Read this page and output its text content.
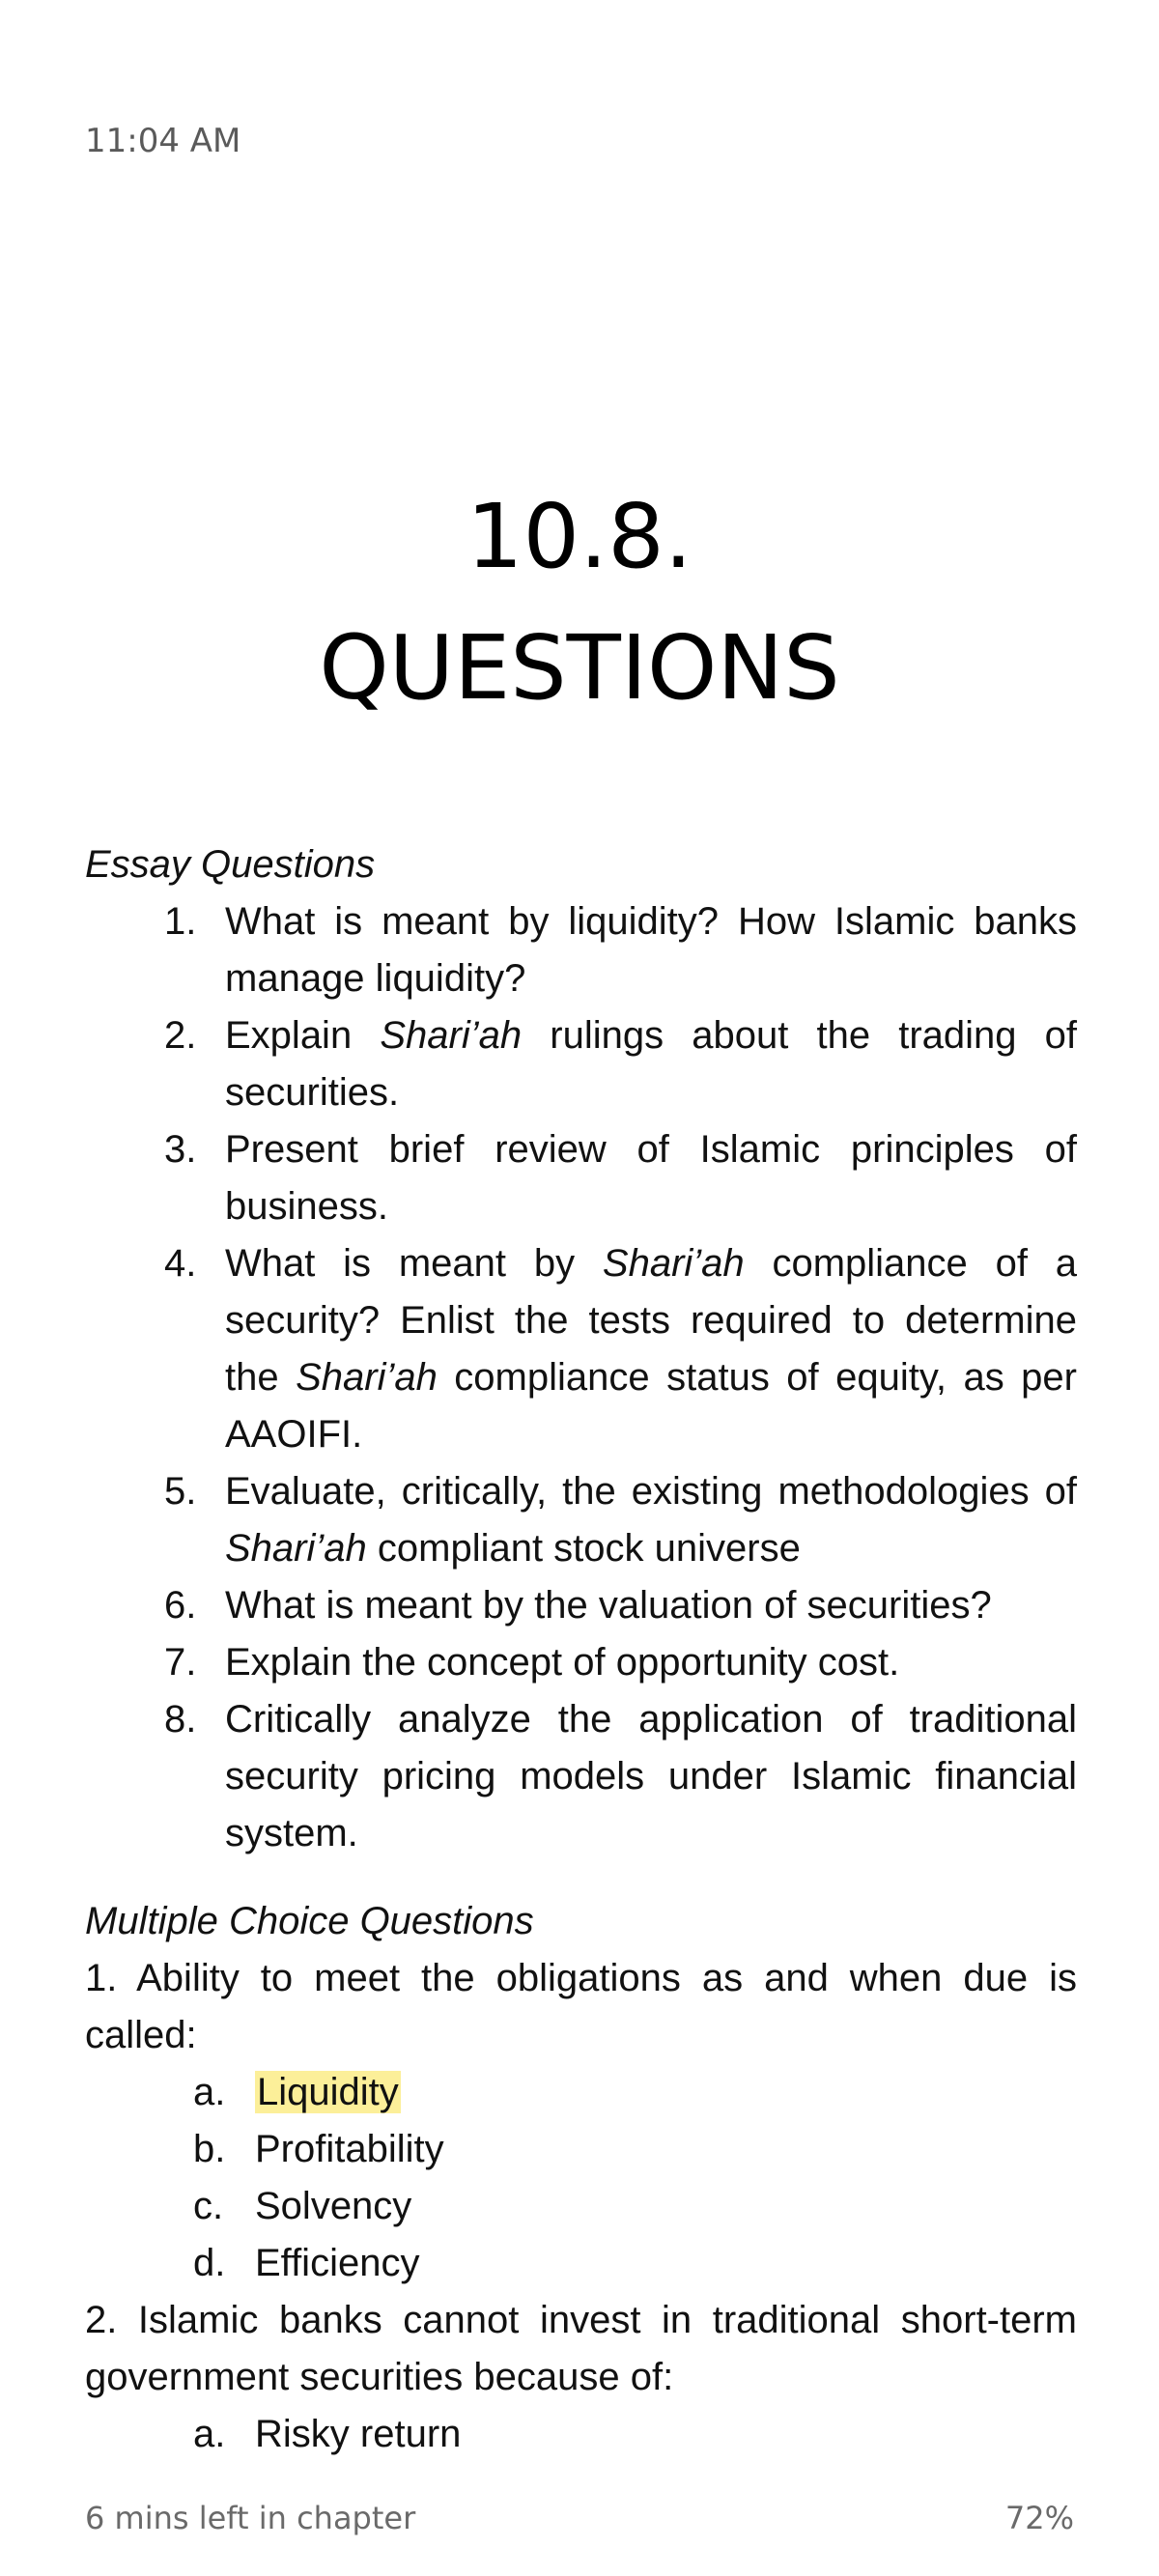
11:04 AM
10.8.
QUESTIONS

Essay Questions

1. What is meant by liquidity? How Islamic banks manage liquidity?
2. Explain Shari’ah rulings about the trading of securities.
3. Present brief review of Islamic principles of business.
4. What is meant by Shari’ah compliance of a security? Enlist the tests required to determine the Shari’ah compliance status of equity, as per AAOIFI.
5. Evaluate, critically, the existing methodologies of Shari’ah compliant stock universe
6. What is meant by the valuation of securities?
7. Explain the concept of opportunity cost.
8. Critically analyze the application of traditional security pricing models under Islamic financial system.

Multiple Choice Questions

1. Ability to meet the obligations as and when due is called:

a. Liquidity
b. Profitability
c. Solvency
d. Efficiency

2. Islamic banks cannot invest in traditional short-term government securities because of:

a. Risky return
6 mins left in chapter	72%
